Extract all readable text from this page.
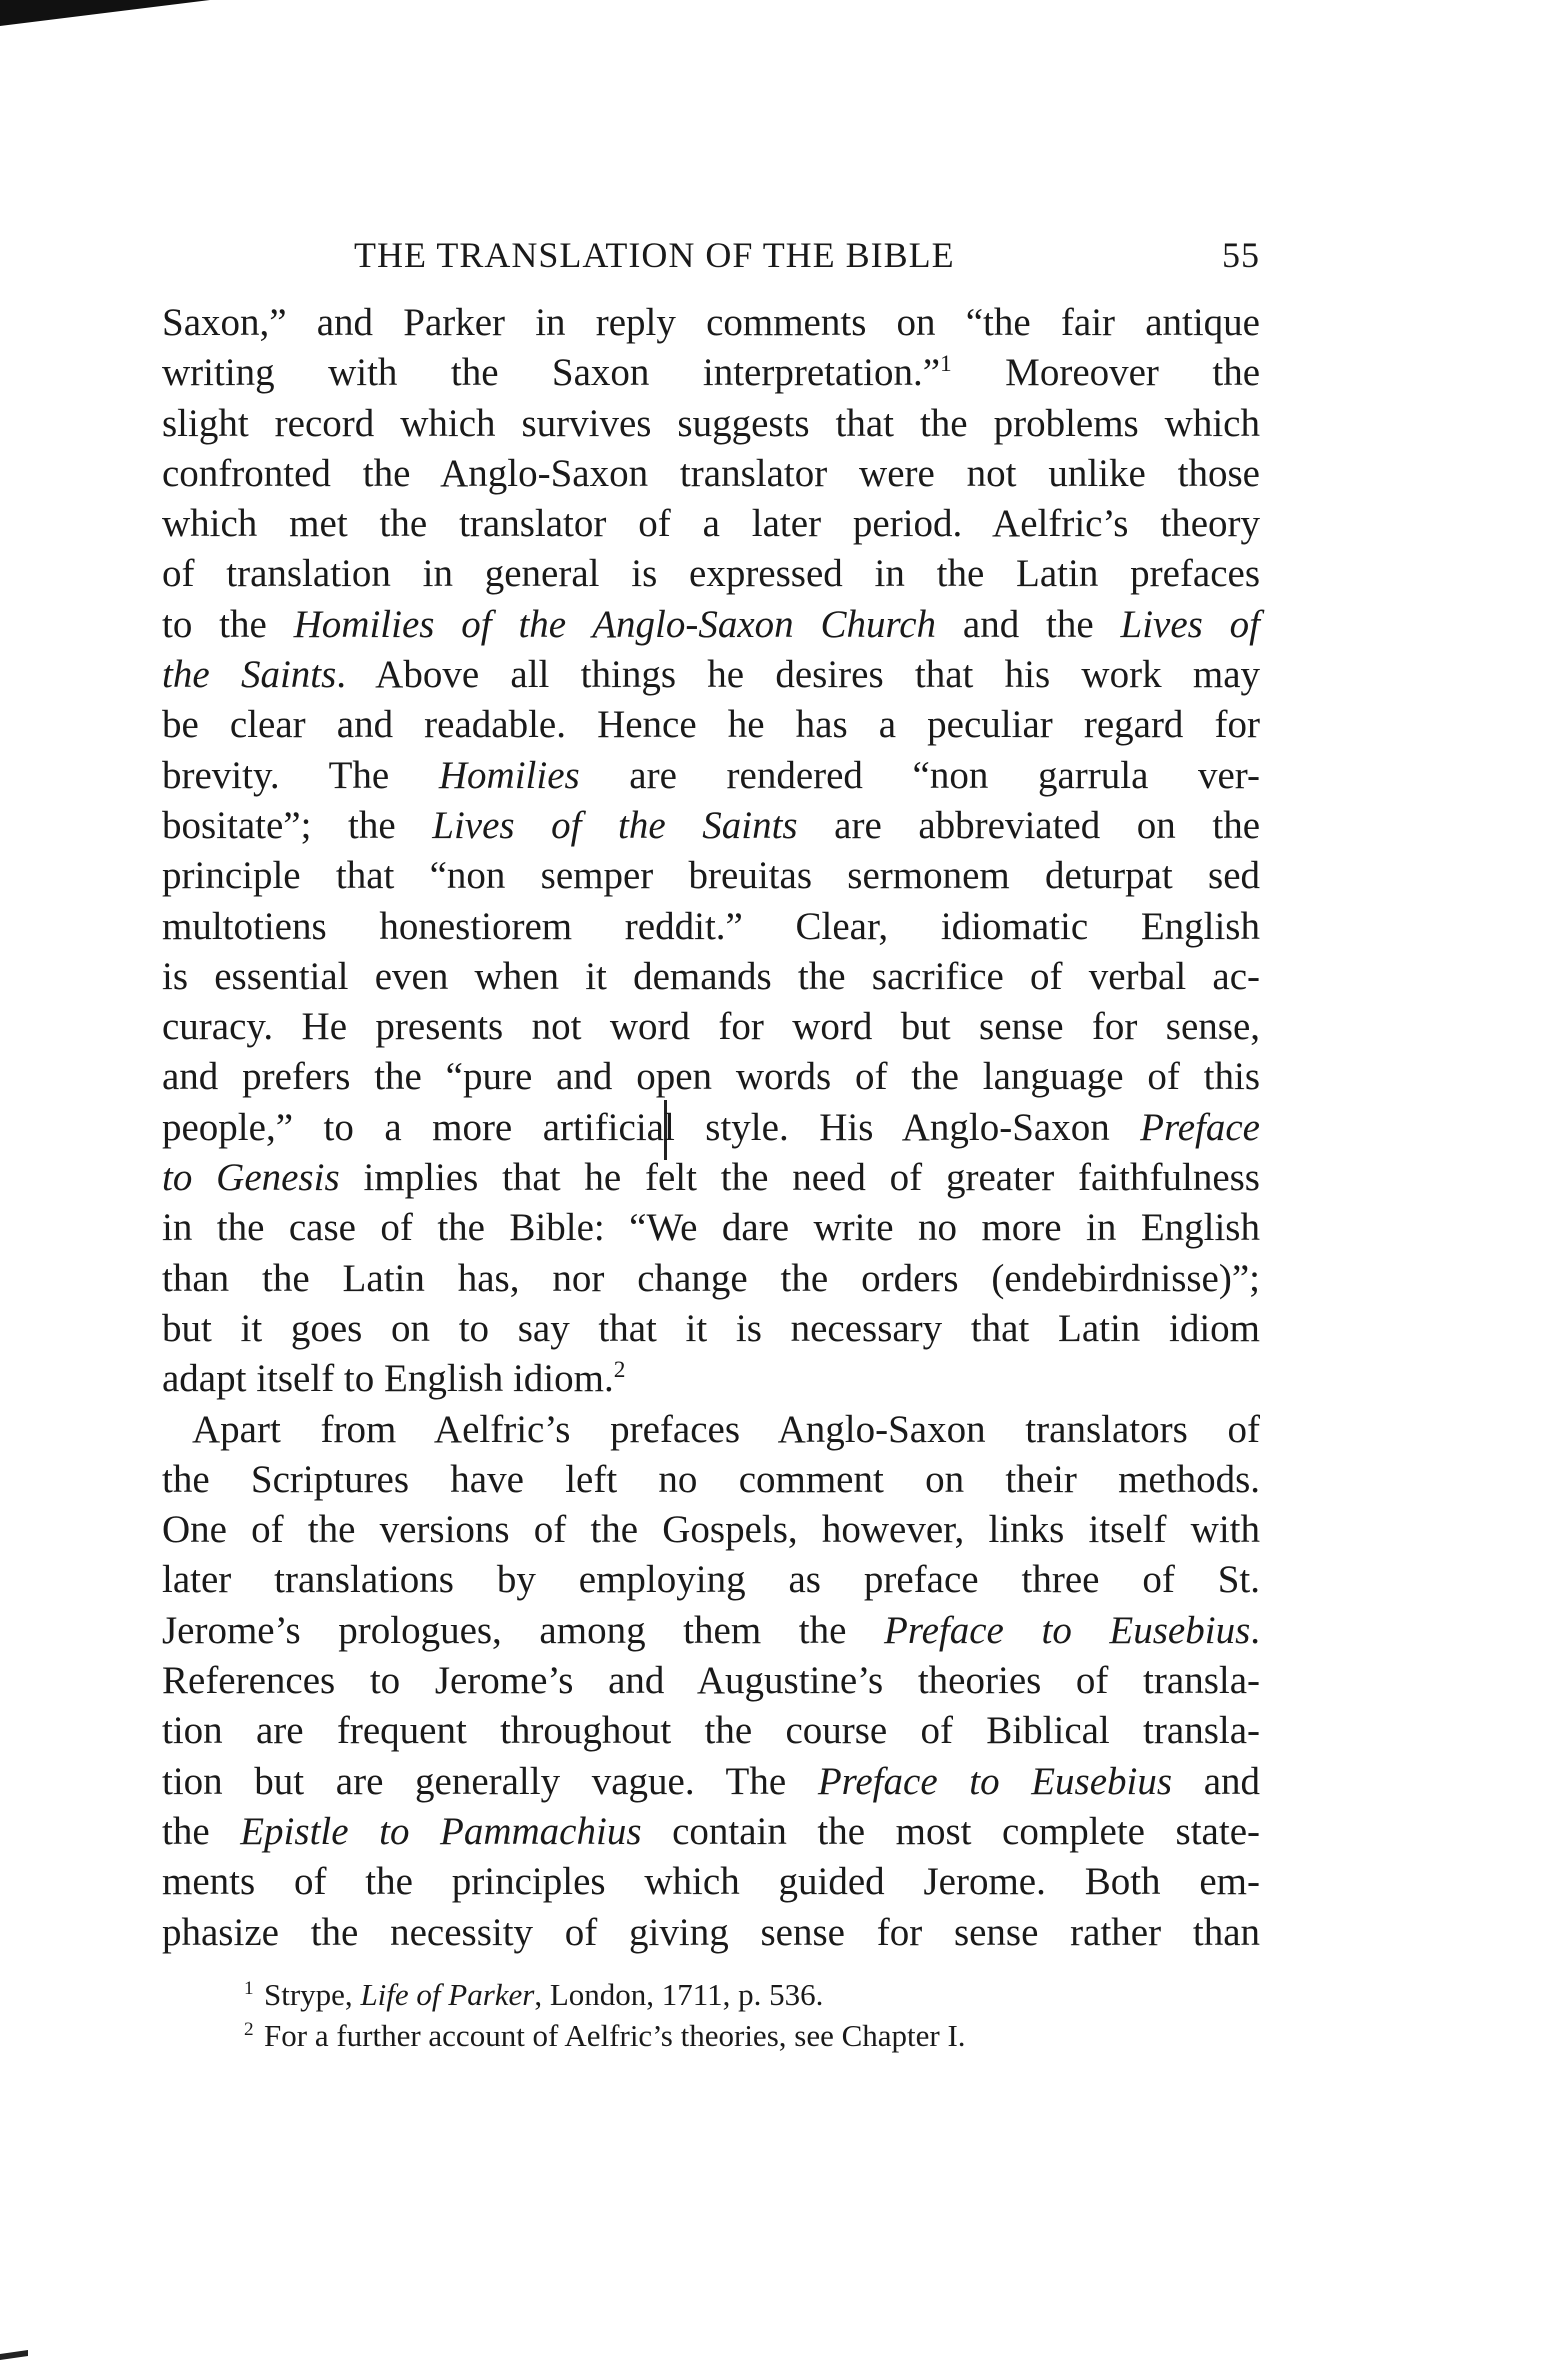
THE TRANSLATION OF THE BIBLE	55
Saxon,” and Parker in reply comments on “the fair antique
writing with the Saxon interpretation.”$^1$ Moreover the
slight record which survives suggests that the problems which
confronted the Anglo-Saxon translator were not unlike those
which met the translator of a later period. Aelfric’s theory
of translation in general is expressed in the Latin prefaces
to the Homilies of the Anglo-Saxon Church and the Lives of
the Saints. Above all things he desires that his work may
be clear and readable. Hence he has a peculiar regard for
brevity. The Homilies are rendered “non garrula ver-
bositate”; the Lives of the Saints are abbreviated on the
principle that “non semper breuitas sermonem deturpat sed
multotiens honestiorem reddit.” Clear, idiomatic English
is essential even when it demands the sacrifice of verbal ac-
curacy. He presents not word for word but sense for sense,
and prefers the “pure and open words of the language of this
people,” to a more artificial style. His Anglo-Saxon Preface
to Genesis implies that he felt the need of greater faithfulness
in the case of the Bible: “We dare write no more in English
than the Latin has, nor change the orders (endebirdnisse)”;
but it goes on to say that it is necessary that Latin idiom
adapt itself to English idiom.$^2$
Apart from Aelfric’s prefaces Anglo-Saxon translators of
the Scriptures have left no comment on their methods.
One of the versions of the Gospels, however, links itself with
later translations by employing as preface three of St.
Jerome’s prologues, among them the Preface to Eusebius.
References to Jerome’s and Augustine’s theories of transla-
tion are frequent throughout the course of Biblical transla-
tion but are generally vague. The Preface to Eusebius and
the Epistle to Pammachius contain the most complete state-
ments of the principles which guided Jerome. Both em-
phasize the necessity of giving sense for sense rather than
1 Strype, Life of Parker, London, 1711, p. 536.
2 For a further account of Aelfric’s theories, see Chapter I.
